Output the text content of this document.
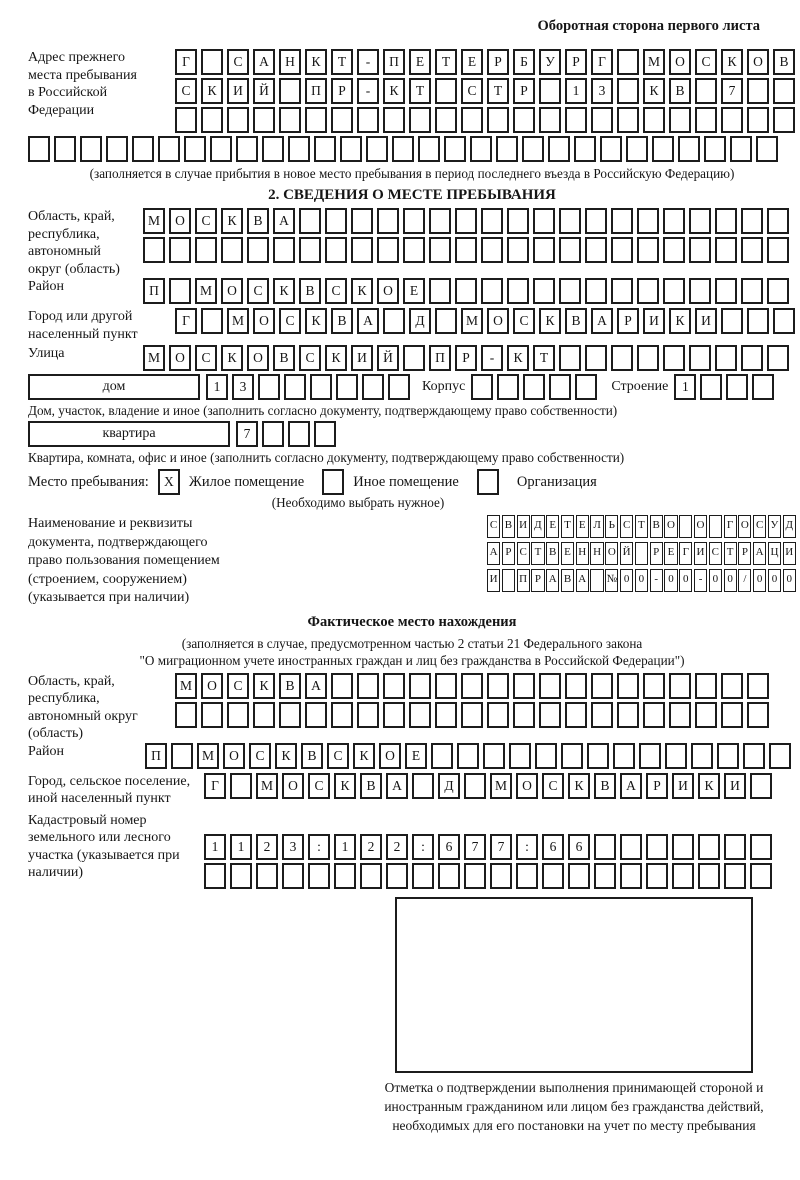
Оборотная сторона первого листа
Адрес прежнего места пребывания в Российской Федерации
Г	С	А	Н	К	Т	-	П	Е	Т	Е	Р	Б	У	Р	Г	М	О	С	К	О	В
С	К	И	Й	П	Р	-	К	Т	С	Т	Р	1	3	К	В	7
(заполняется в случае прибытия в новое место пребывания в период последнего въезда в Российскую Федерацию)
2. СВЕДЕНИЯ О МЕСТЕ ПРЕБЫВАНИЯ
Область, край, республика, автономный округ (область)
М	О	С	К	В	А
Район	П	М	О	С	К	В	С	К	О	Е
Город или другой населенный пункт
Г	М	О	С	К	В	А	Д	М	О	С	К	В	А	Р	И	К	И
Улица	М	О	С	К	О	В	С	К	И	Й	П	Р	-	К	Т
дом	1	3	Корпус	Строение	1
Дом, участок, владение и иное (заполнить согласно документу, подтверждающему право собственности)
квартира	7
Квартира, комната, офис и иное (заполнить согласно документу, подтверждающему право собственности)
Место пребывания:	X	Жилое помещение	Иное помещение	Организация
(Необходимо выбрать нужное)
Наименование и реквизиты документа, подтверждающего право пользования помещением (строением, сооружением) (указывается при наличии)
С В И Д Е Т Е Л Ь С Т В О О	Г О С У Д
А Р С Т В Е Н Н О Й	Р Е Г И С Т Р А Ц И
И П Р А В А № 0 0 - 0 0 - 0 0 / 0 0 0
Фактическое место нахождения
(заполняется в случае, предусмотренном частью 2 статьи 21 Федерального закона
"О миграционном учете иностранных граждан и лиц без гражданства в Российской Федерации")
Область, край, республика, автономный округ (область)
М	О	С	К	В	А
Район	П	М	О	С	К	В	С	К	О	Е
Город, сельское поселение, иной населенный пункт
Г	М	О	С	К	В	А	Д	М	О	С	К	В	А	Р	И	К	И
Кадастровый номер земельного или лесного участка (указывается при наличии)
1	1	2	3	:	1	2	2	:	6	7	7	:	6	6
Отметка о подтверждении выполнения принимающей стороной и иностранным гражданином или лицом без гражданства действий, необходимых для его постановки на учет по месту пребывания
